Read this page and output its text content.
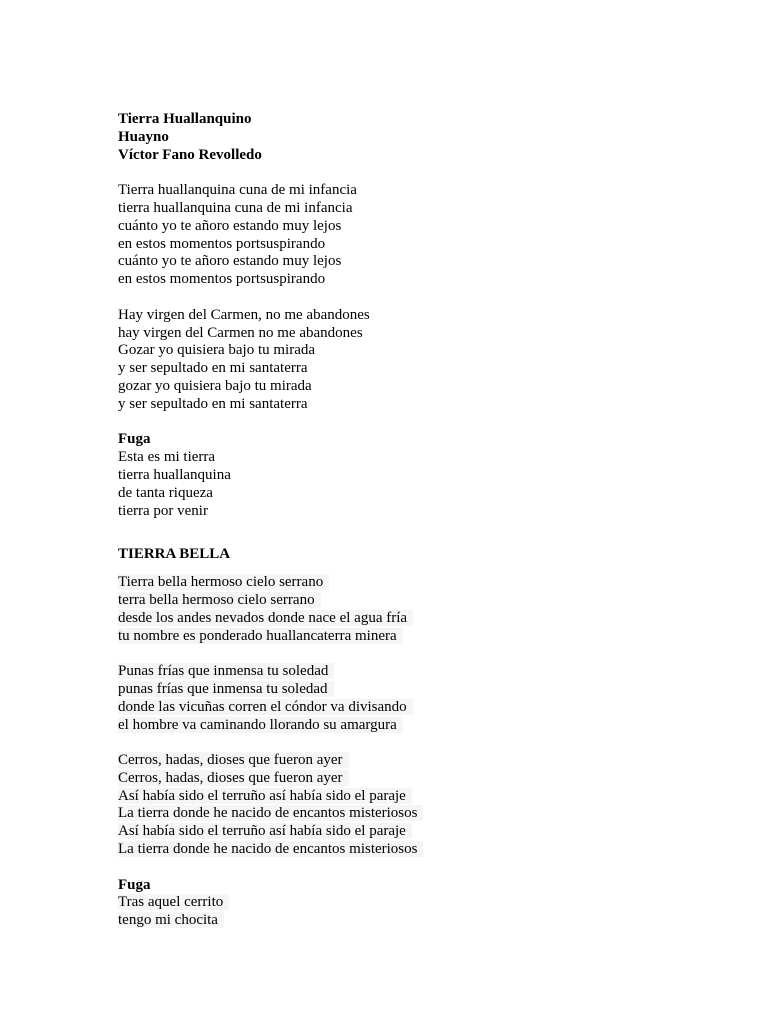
Tierra Huallanquino
Huayno
Víctor Fano Revolledo
Tierra huallanquina cuna de mi infancia
tierra huallanquina cuna de mi infancia
cuánto yo te añoro estando muy lejos
en estos momentos portsuspirando
cuánto yo te añoro estando muy lejos
en estos momentos portsuspirando
Hay virgen del Carmen, no me abandones
hay virgen del Carmen no me abandones
Gozar yo quisiera bajo tu mirada
y ser sepultado en mi santaterra
gozar yo quisiera bajo tu mirada
y ser sepultado en mi santaterra
Fuga
Esta es mi tierra
tierra huallanquina
de tanta riqueza
tierra por venir
TIERRA BELLA
Tierra bella hermoso cielo serrano
terra bella hermoso cielo serrano
desde los andes nevados donde nace el agua fría
tu nombre es ponderado huallancaterra minera
Punas frías que inmensa tu soledad
punas frías que inmensa tu soledad
donde las vicuñas corren el cóndor va divisando
el hombre va caminando llorando su amargura
Cerros, hadas, dioses que fueron ayer
Cerros, hadas, dioses que fueron ayer
Así había sido el terruño así había sido el paraje
La tierra donde he nacido de encantos misteriosos
Así había sido el terruño así había sido el paraje
La tierra donde he nacido de encantos misteriosos
Fuga
Tras aquel cerrito
tengo mi chocita
